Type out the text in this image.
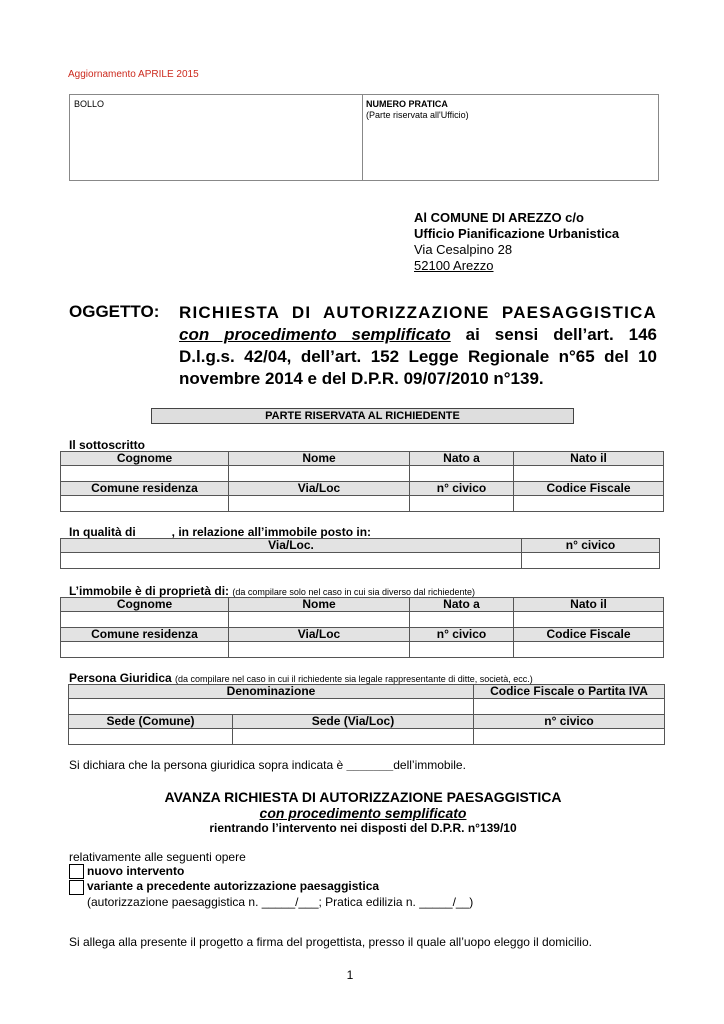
Aggiornamento APRILE 2015
BOLLO	NUMERO PRATICA
(Parte riservata all'Ufficio)
Al COMUNE DI AREZZO c/o
Ufficio Pianificazione Urbanistica
Via Cesalpino 28
52100 Arezzo
OGGETTO: RICHIESTA DI AUTORIZZAZIONE PAESAGGISTICA
con procedimento semplificato ai sensi dell’art. 146
D.l.g.s. 42/04, dell’art. 152 Legge Regionale n°65 del 10
novembre 2014 e del D.P.R. 09/07/2010 n°139.
PARTE RISERVATA AL RICHIEDENTE
Il sottoscritto
Cognome	Nome	Nato a	Nato il

Comune residenza	Via/Loc	n° civico	Codice Fiscale

In qualità di	, in relazione all’immobile posto in:
Via/Loc.	n° civico

L’immobile è di proprietà di: (da compilare solo nel caso in cui sia diverso dal richiedente)
Cognome	Nome	Nato a	Nato il

Comune residenza	Via/Loc	n° civico	Codice Fiscale

Persona Giuridica (da compilare nel caso in cui il richiedente sia legale rappresentante di ditte, società, ecc.)
Denominazione		Codice Fiscale o Partita IVA

Sede (Comune)	Sede (Via/Loc)	n° civico

Si dichiara che la persona giuridica sopra indicata è _______dell’immobile.
AVANZA RICHIESTA DI AUTORIZZAZIONE PAESAGGISTICA
con procedimento semplificato
rientrando l’intervento nei disposti del D.P.R. n°139/10
relativamente alle seguenti opere
nuovo intervento
variante a precedente autorizzazione paesaggistica
(autorizzazione paesaggistica n. _____/___; Pratica edilizia n. _____/__)
Si allega alla presente il progetto a firma del progettista, presso il quale all’uopo eleggo il domicilio.
1
